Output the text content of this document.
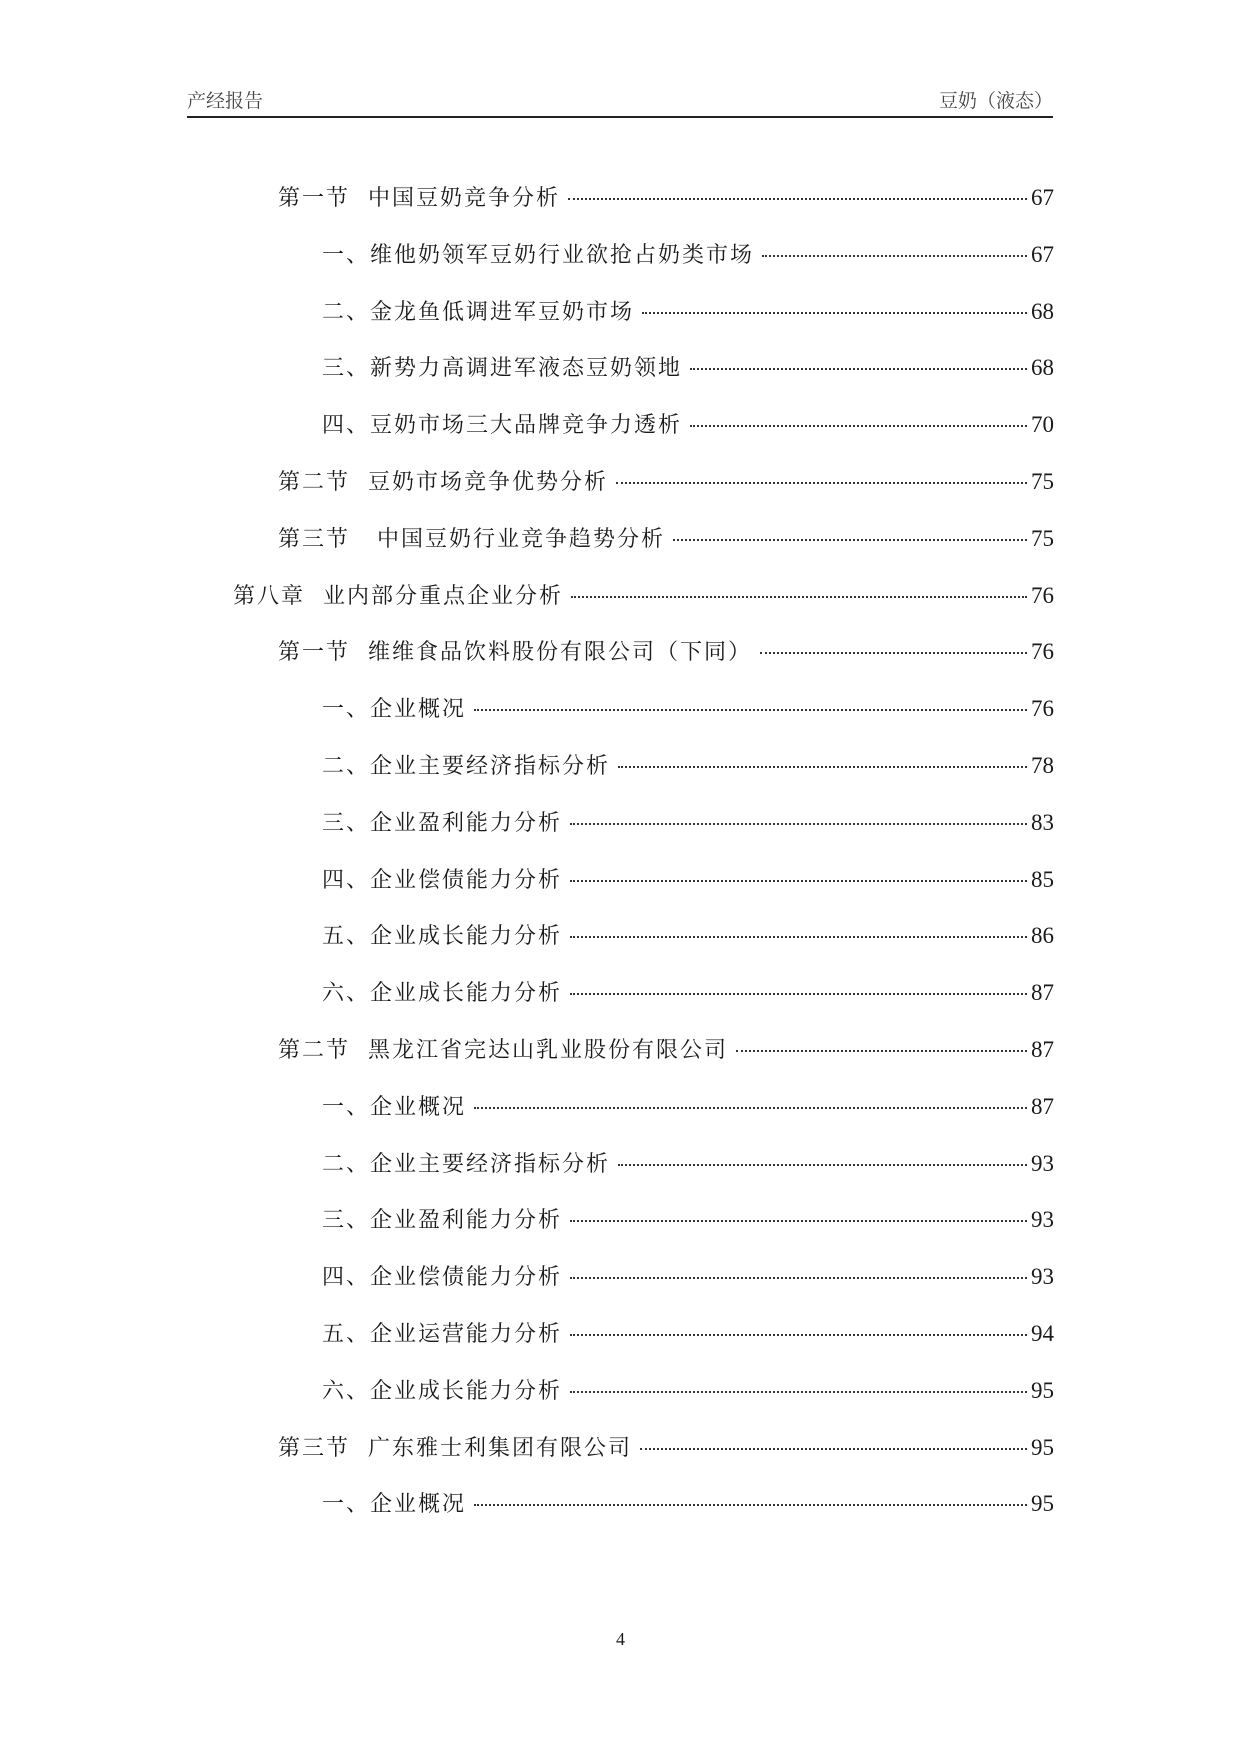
产经报告	豆奶（液态）
第一节 中国豆奶竞争分析	67
一、维他奶领军豆奶行业欲抢占奶类市场	67
二、金龙鱼低调进军豆奶市场	68
三、新势力高调进军液态豆奶领地	68
四、豆奶市场三大品牌竞争力透析	70
第二节 豆奶市场竞争优势分析	75
第三节 中国豆奶行业竞争趋势分析	75
第八章 业内部分重点企业分析	76
第一节 维维食品饮料股份有限公司（下同）	76
一、企业概况	76
二、企业主要经济指标分析	78
三、企业盈利能力分析	83
四、企业偿债能力分析	85
五、企业成长能力分析	86
六、企业成长能力分析	87
第二节 黑龙江省完达山乳业股份有限公司	87
一、企业概况	87
二、企业主要经济指标分析	93
三、企业盈利能力分析	93
四、企业偿债能力分析	93
五、企业运营能力分析	94
六、企业成长能力分析	95
第三节 广东雅士利集团有限公司	95
一、企业概况	95
4
